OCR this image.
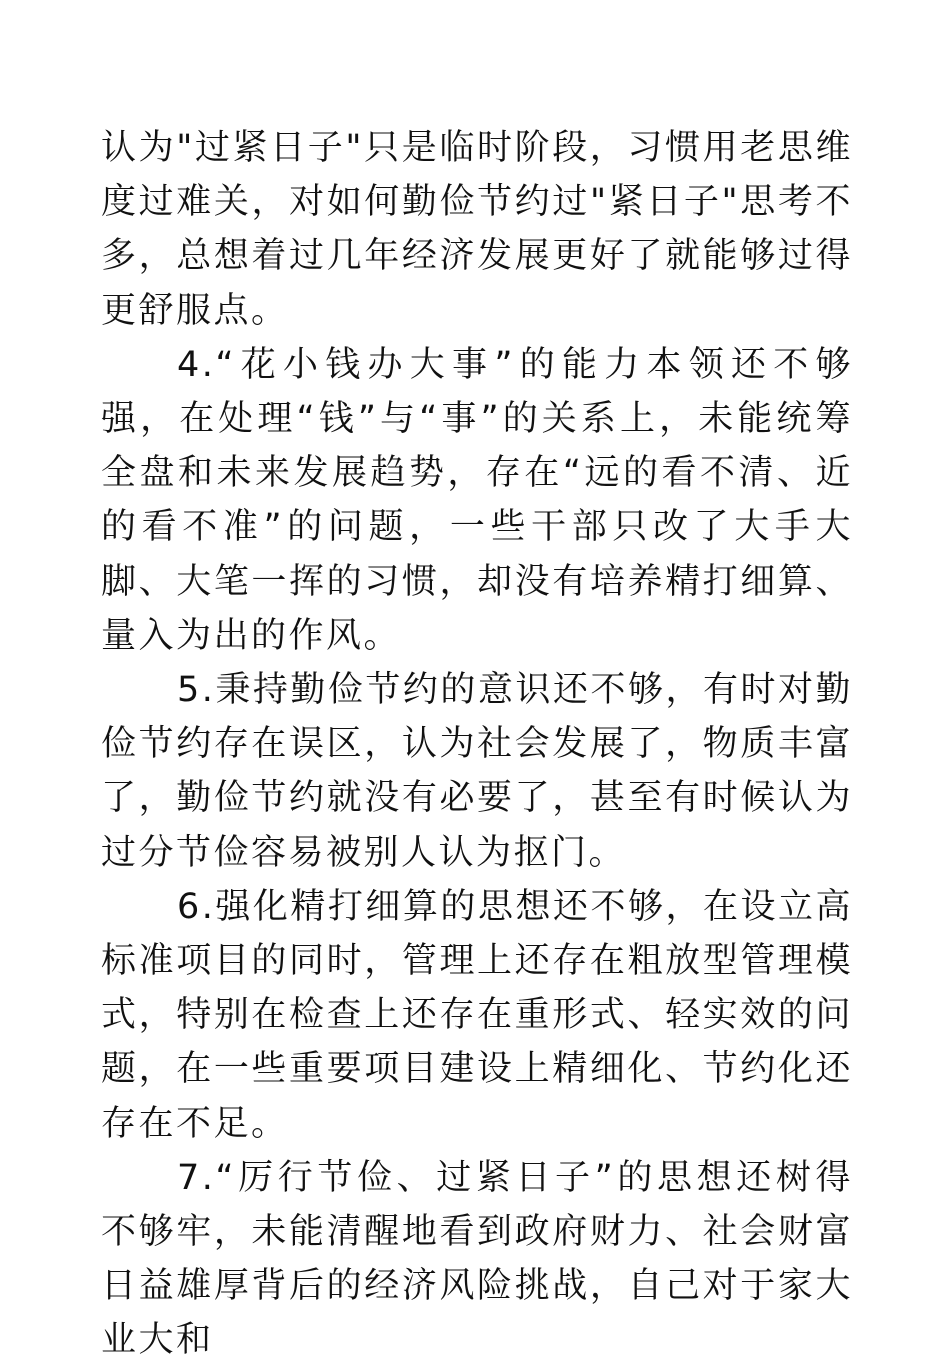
认为"过紧日子"只是临时阶段，习惯用老思维度过难关，对如何勤俭节约过"紧日子"思考不多，总想着过几年经济发展更好了就能够过得更舒服点。

4.“花小钱办大事”的能力本领还不够强，在处理“钱”与“事”的关系上，未能统筹全盘和未来发展趋势，存在“远的看不清、近的看不准”的问题，一些干部只改了大手大脚、大笔一挥的习惯，却没有培养精打细算、量入为出的作风。

5.秉持勤俭节约的意识还不够，有时对勤俭节约存在误区，认为社会发展了，物质丰富了，勤俭节约就没有必要了，甚至有时候认为过分节俭容易被别人认为抠门。

6.强化精打细算的思想还不够，在设立高标准项目的同时，管理上还存在粗放型管理模式，特别在检查上还存在重形式、轻实效的问题，在一些重要项目建设上精细化、节约化还存在不足。

7.“厉行节俭、过紧日子”的思想还树得不够牢，未能清醒地看到政府财力、社会财富日益雄厚背后的经济风险挑战，自己对于家大业大和
